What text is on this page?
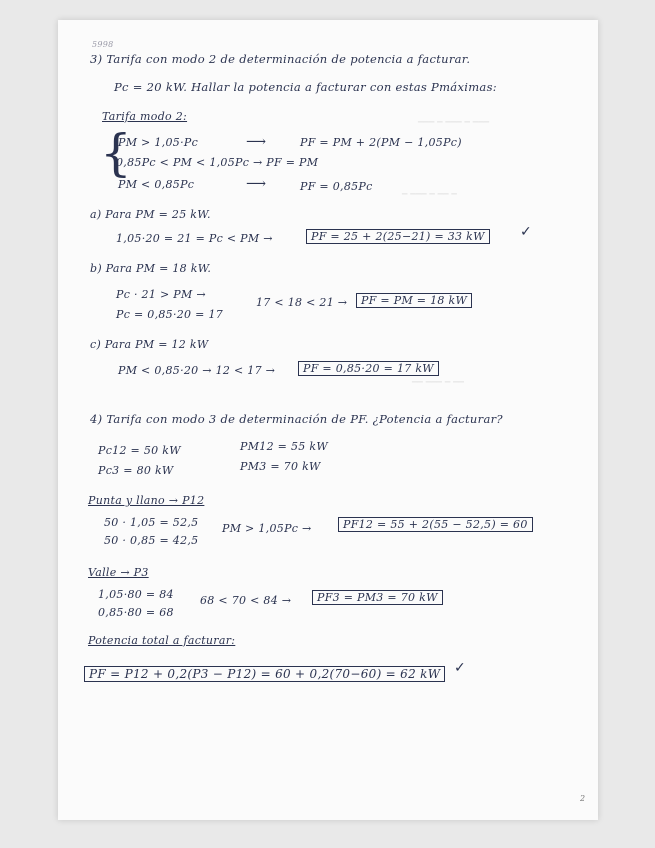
─── ─ ─── ─ ───
─ ─── ─ ── ─
── ─── ─ ──
5998
3) Tarifa con modo 2 de determinación de potencia a facturar.
Pc = 20 kW. Hallar la potencia a facturar con estas Pmáximas:
Tarifa modo 2:
{
PM > 1,05·Pc	⟶	PF = PM + 2(PM − 1,05Pc)
0,85Pc < PM < 1,05Pc → PF = PM
PM < 0,85Pc	⟶	PF = 0,85Pc
a) Para PM = 25 kW.
1,05·20 = 21 = Pc < PM →	PF = 25 + 2(25−21) = 33 kW	✓
b) Para PM = 18 kW.
Pc · 21 > PM →
Pc = 0,85·20 = 17
17 < 18 < 21 →	PF = PM = 18 kW
c) Para PM = 12 kW
PM < 0,85·20 → 12 < 17 →	PF = 0,85·20 = 17 kW
4) Tarifa con modo 3 de determinación de PF. ¿Potencia a facturar?
Pc12 = 50 kW	PM12 = 55 kW
Pc3 = 80 kW	PM3 = 70 kW
Punta y llano → P12
50 · 1,05 = 52,5
50 · 0,85 = 42,5
PM > 1,05Pc →	PF12 = 55 + 2(55 − 52,5) = 60
Valle → P3
1,05·80 = 84
0,85·80 = 68
68 < 70 < 84 →	PF3 = PM3 = 70 kW
Potencia total a facturar:
PF = P12 + 0,2(P3 − P12) = 60 + 0,2(70−60) = 62 kW ✓
2
